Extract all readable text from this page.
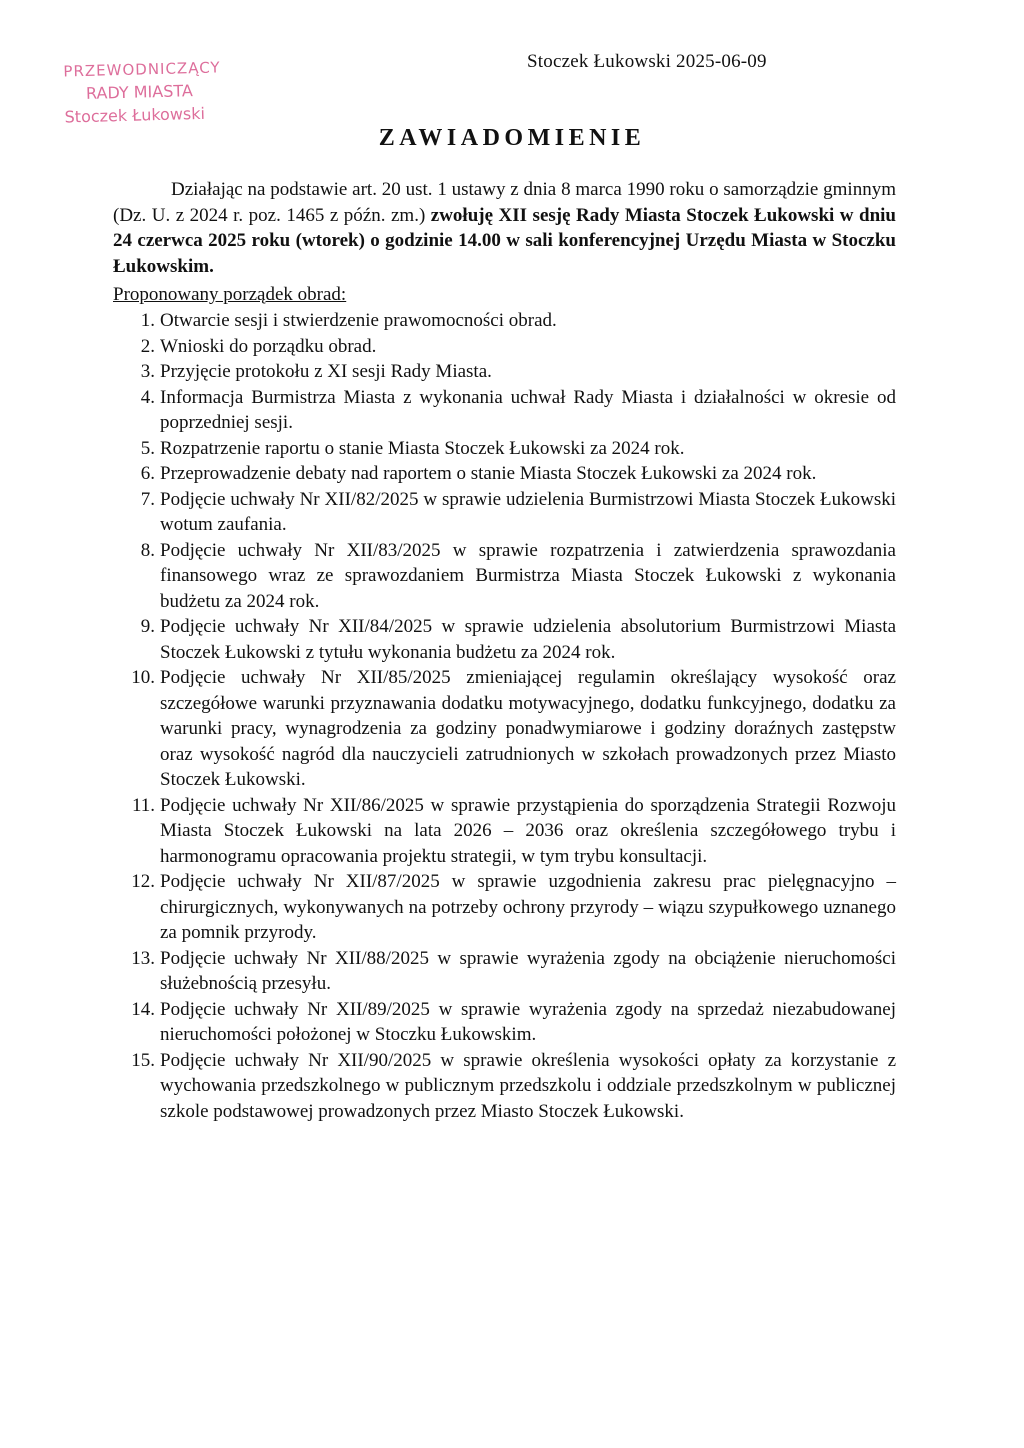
PRZEWODNICZĄCY
RADY MIASTA
Stoczek Łukowski
Stoczek Łukowski 2025-06-09
ZAWIADOMIENIE
Działając na podstawie art. 20 ust. 1 ustawy z dnia 8 marca 1990 roku o samorządzie gminnym (Dz. U. z 2024 r. poz. 1465 z późn. zm.) zwołuję XII sesję Rady Miasta Stoczek Łukowski w dniu 24 czerwca 2025 roku (wtorek) o godzinie 14.00 w sali konferencyjnej Urzędu Miasta w Stoczku Łukowskim.
Proponowany porządek obrad:
1. Otwarcie sesji i stwierdzenie prawomocności obrad.
2. Wnioski do porządku obrad.
3. Przyjęcie protokołu z XI sesji Rady Miasta.
4. Informacja Burmistrza Miasta z wykonania uchwał Rady Miasta i działalności w okresie od poprzedniej sesji.
5. Rozpatrzenie raportu o stanie Miasta Stoczek Łukowski za 2024 rok.
6. Przeprowadzenie debaty nad raportem o stanie Miasta Stoczek Łukowski za 2024 rok.
7. Podjęcie uchwały Nr XII/82/2025 w sprawie udzielenia Burmistrzowi Miasta Stoczek Łukowski wotum zaufania.
8. Podjęcie uchwały Nr XII/83/2025 w sprawie rozpatrzenia i zatwierdzenia sprawozdania finansowego wraz ze sprawozdaniem Burmistrza Miasta Stoczek Łukowski z wykonania budżetu za 2024 rok.
9. Podjęcie uchwały Nr XII/84/2025 w sprawie udzielenia absolutorium Burmistrzowi Miasta Stoczek Łukowski z tytułu wykonania budżetu za 2024 rok.
10. Podjęcie uchwały Nr XII/85/2025 zmieniającej regulamin określający wysokość oraz szczegółowe warunki przyznawania dodatku motywacyjnego, dodatku funkcyjnego, dodatku za warunki pracy, wynagrodzenia za godziny ponadwymiarowe i godziny doraźnych zastępstw oraz wysokość nagród dla nauczycieli zatrudnionych w szkołach prowadzonych przez Miasto Stoczek Łukowski.
11. Podjęcie uchwały Nr XII/86/2025 w sprawie przystąpienia do sporządzenia Strategii Rozwoju Miasta Stoczek Łukowski na lata 2026 – 2036 oraz określenia szczegółowego trybu i harmonogramu opracowania projektu strategii, w tym trybu konsultacji.
12. Podjęcie uchwały Nr XII/87/2025 w sprawie uzgodnienia zakresu prac pielęgnacyjno – chirurgicznych, wykonywanych na potrzeby ochrony przyrody – wiązu szypułkowego uznanego za pomnik przyrody.
13. Podjęcie uchwały Nr XII/88/2025 w sprawie wyrażenia zgody na obciążenie nieruchomości służebnością przesyłu.
14. Podjęcie uchwały Nr XII/89/2025 w sprawie wyrażenia zgody na sprzedaż niezabudowanej nieruchomości położonej w Stoczku Łukowskim.
15. Podjęcie uchwały Nr XII/90/2025 w sprawie określenia wysokości opłaty za korzystanie z wychowania przedszkolnego w publicznym przedszkolu i oddziale przedszkolnym w publicznej szkole podstawowej prowadzonych przez Miasto Stoczek Łukowski.
